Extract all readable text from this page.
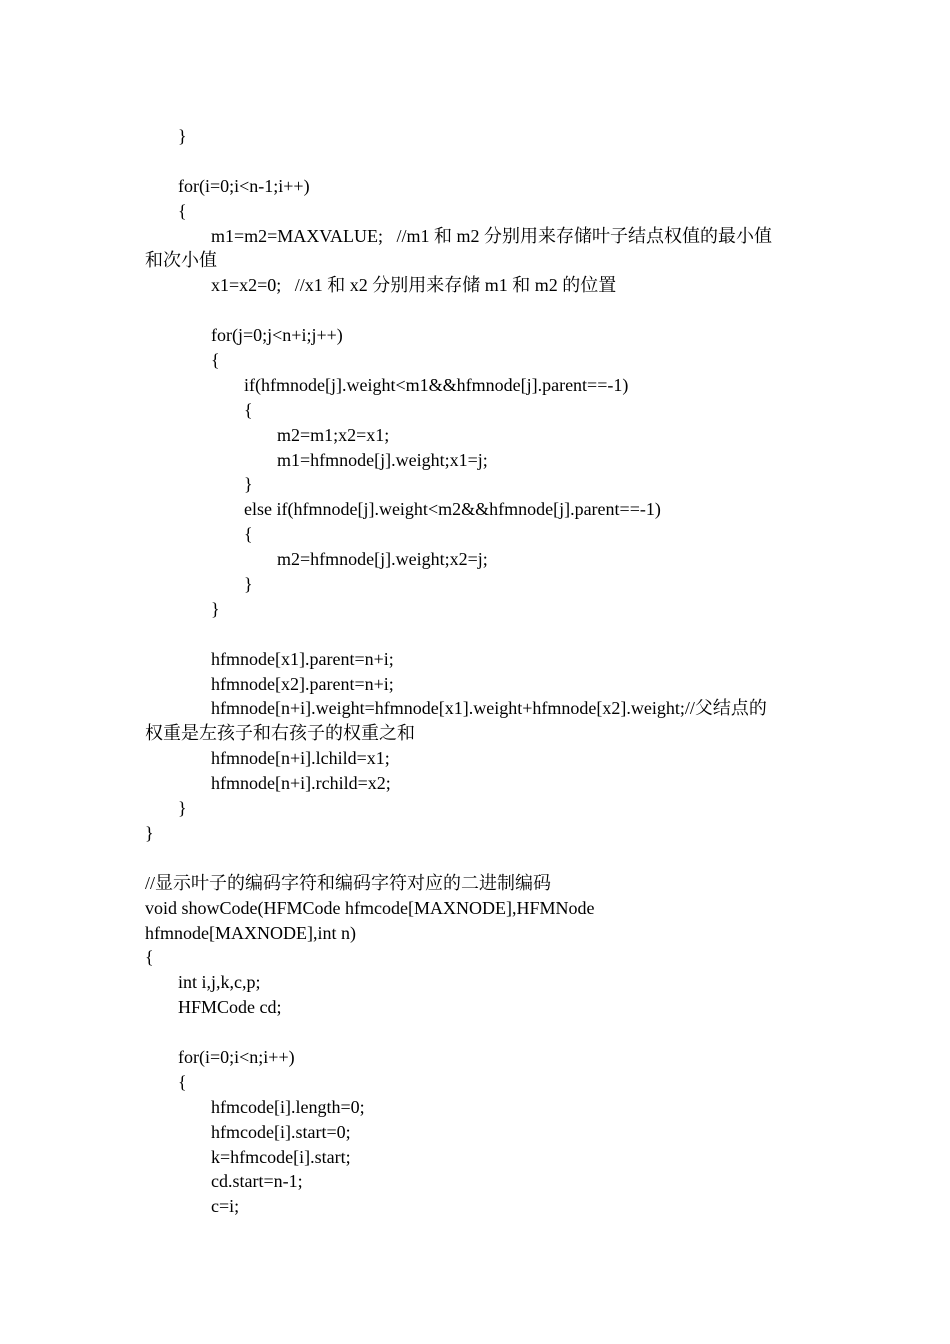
}
for(i=0;i<n-1;i++)
{
m1=m2=MAXVALUE;   //m1 和 m2 分别用来存储叶子结点权值的最小值
和次小值
x1=x2=0;   //x1 和 x2 分别用来存储 m1 和 m2 的位置
for(j=0;j<n+i;j++)
{
if(hfmnode[j].weight<m1&&hfmnode[j].parent==-1)
{
m2=m1;x2=x1;
m1=hfmnode[j].weight;x1=j;
}
else if(hfmnode[j].weight<m2&&hfmnode[j].parent==-1)
{
m2=hfmnode[j].weight;x2=j;
}
}
hfmnode[x1].parent=n+i;
hfmnode[x2].parent=n+i;
hfmnode[n+i].weight=hfmnode[x1].weight+hfmnode[x2].weight;//父结点的
权重是左孩子和右孩子的权重之和
hfmnode[n+i].lchild=x1;
hfmnode[n+i].rchild=x2;
}
}
//显示叶子的编码字符和编码字符对应的二进制编码
void showCode(HFMCode hfmcode[MAXNODE],HFMNode
hfmnode[MAXNODE],int n)
{
int i,j,k,c,p;
HFMCode cd;
for(i=0;i<n;i++)
{
hfmcode[i].length=0;
hfmcode[i].start=0;
k=hfmcode[i].start;
cd.start=n-1;
c=i;
